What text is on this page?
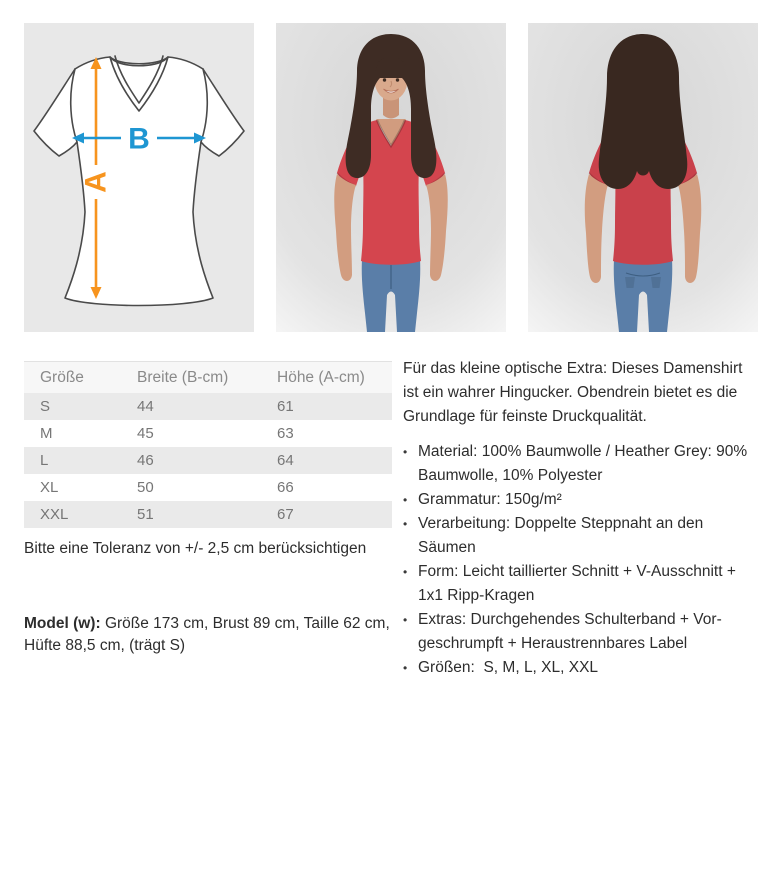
A
B
Größe	Breite (B-cm)	Höhe (A-cm)
S	44	61
M	45	63
L	46	64
XL	50	66
XXL	51	67

Bitte eine Toleranz von +/- 2,5 cm berücksichtigen

Model (w): Größe 173 cm, Brust 89 cm, Taille 62 cm, Hüfte 88,5 cm, (trägt S)

Für das kleine optische Extra: Dieses Damenshirt ist ein wahrer Hingucker. Obendrein bietet es die Grundlage für feinste Druckqualität.

• Material: 100% Baumwolle / Heather Grey: 90% Baumwolle, 10% Polyester
• Grammatur: 150g/m²
• Verarbeitung: Doppelte Steppnaht an den Säumen
• Form: Leicht taillierter Schnitt + V-Ausschnitt + 1x1 Ripp-Kragen
• Extras: Durchgehendes Schulterband + Vorgeschrumpft + Heraustrennbares Label
• Größen:  S, M, L, XL, XXL
